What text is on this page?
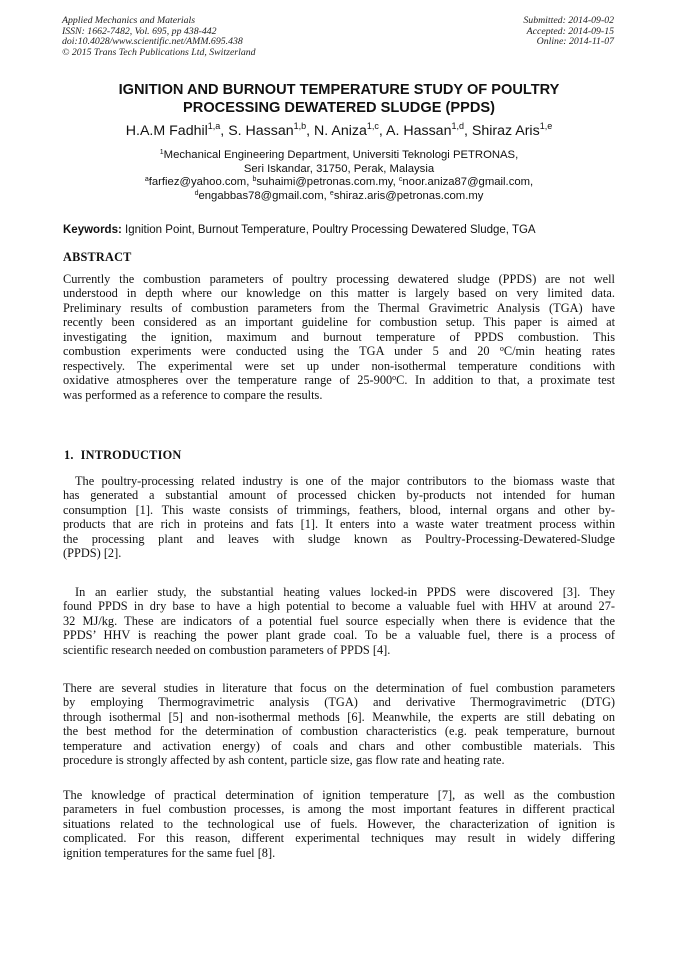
Applied Mechanics and Materials
ISSN: 1662-7482, Vol. 695, pp 438-442
doi:10.4028/www.scientific.net/AMM.695.438
© 2015 Trans Tech Publications Ltd, Switzerland
Submitted: 2014-09-02
Accepted: 2014-09-15
Online: 2014-11-07
IGNITION AND BURNOUT TEMPERATURE STUDY OF POULTRY
PROCESSING DEWATERED SLUDGE (PPDS)
H.A.M Fadhil$^{1,a}$, S. Hassan$^{1,b}$, N. Aniza$^{1,c}$, A. Hassan$^{1,d}$, Shiraz Aris$^{1,e}$
$^1$Mechanical Engineering Department, Universiti Teknologi PETRONAS,
Seri Iskandar, 31750, Perak, Malaysia
$^a$farfiez@yahoo.com, $^b$suhaimi@petronas.com.my, $^c$noor.aniza87@gmail.com,
$^d$engabbas78@gmail.com, $^e$shiraz.aris@petronas.com.my
Keywords: Ignition Point, Burnout Temperature, Poultry Processing Dewatered Sludge, TGA
ABSTRACT
Currently the combustion parameters of poultry processing dewatered sludge (PPDS) are not well
understood in depth where our knowledge on this matter is largely based on very limited data.
Preliminary results of combustion parameters from the Thermal Gravimetric Analysis (TGA) have
recently been considered as an important guideline for combustion setup. This paper is aimed at
investigating the ignition, maximum and burnout temperature of PPDS combustion. This
combustion experiments were conducted using the TGA under 5 and 20 $^o$C/min heating rates
respectively. The experimental were set up under non-isothermal temperature conditions with
oxidative atmospheres over the temperature range of 25-900$^o$C. In addition to that, a proximate test
was performed as a reference to compare the results.
1. INTRODUCTION
The poultry-processing related industry is one of the major contributors to the biomass waste that
has generated a substantial amount of processed chicken by-products not intended for human
consumption [1]. This waste consists of trimmings, feathers, blood, internal organs and other by-
products that are rich in proteins and fats [1]. It enters into a waste water treatment process within
the processing plant and leaves with sludge known as Poultry-Processing-Dewatered-Sludge
(PPDS) [2].
In an earlier study, the substantial heating values locked-in PPDS were discovered [3]. They
found PPDS in dry base to have a high potential to become a valuable fuel with HHV at around 27-
32 MJ/kg. These are indicators of a potential fuel source especially when there is evidence that the
PPDS’ HHV is reaching the power plant grade coal. To be a valuable fuel, there is a process of
scientific research needed on combustion parameters of PPDS [4].
There are several studies in literature that focus on the determination of fuel combustion parameters
by employing Thermogravimetric analysis (TGA) and derivative Thermogravimetric (DTG)
through isothermal [5] and non-isothermal methods [6]. Meanwhile, the experts are still debating on
the best method for the determination of combustion characteristics (e.g. peak temperature, burnout
temperature and activation energy) of coals and chars and other combustible materials. This
procedure is strongly affected by ash content, particle size, gas flow rate and heating rate.
The knowledge of practical determination of ignition temperature [7], as well as the combustion
parameters in fuel combustion processes, is among the most important features in different practical
situations related to the technological use of fuels. However, the characterization of ignition is
complicated. For this reason, different experimental techniques may result in widely differing
ignition temperatures for the same fuel [8].
